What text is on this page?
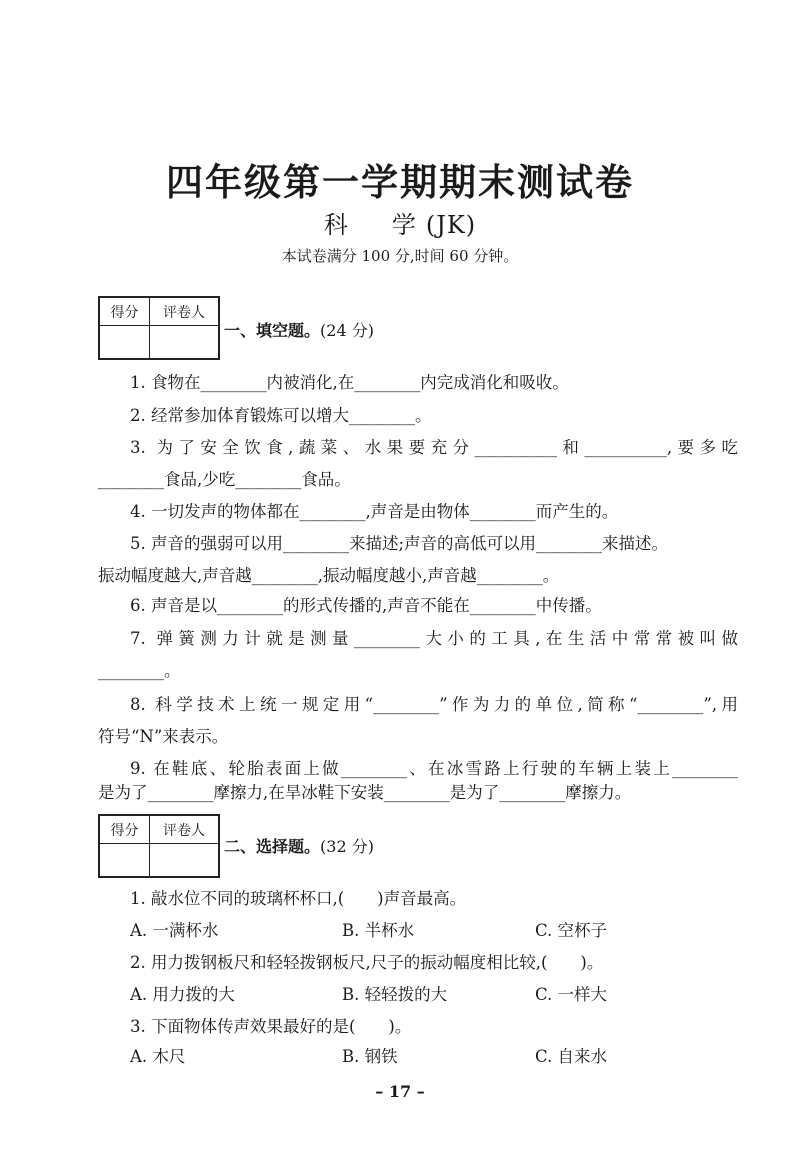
四年级第一学期期末测试卷
科　学(JK)

本试卷满分 100 分,时间 60 分钟。

得分	评卷人

一、填空题。(24 分)

1. 食物在________内被消化,在________内完成消化和吸收。

2. 经常参加体育锻炼可以增大________。

3. 为了安全饮食,蔬菜、水果要充分__________和__________,要多吃

________食品,少吃________食品。

4. 一切发声的物体都在________,声音是由物体________而产生的。

5. 声音的强弱可以用________来描述;声音的高低可以用________来描述。

振动幅度越大,声音越________,振动幅度越小,声音越________。

6. 声音是以________的形式传播的,声音不能在________中传播。

7. 弹簧测力计就是测量________大小的工具,在生活中常常被叫做

________。

8. 科学技术上统一规定用“________”作为力的单位,简称“________”,用

符号“N”来表示。

9. 在鞋底、轮胎表面上做________、在冰雪路上行驶的车辆上装上________

是为了________摩擦力,在旱冰鞋下安装________是为了________摩擦力。

得分	评卷人

二、选择题。(32 分)

1. 敲水位不同的玻璃杯杯口,(　　)声音最高。

A. 一满杯水	B. 半杯水	C. 空杯子

2. 用力拨钢板尺和轻轻拨钢板尺,尺子的振动幅度相比较,(　　)。

A. 用力拨的大	B. 轻轻拨的大	C. 一样大

3. 下面物体传声效果最好的是(　　)。

A. 木尺	B. 钢铁	C. 自来水

– 17 –
